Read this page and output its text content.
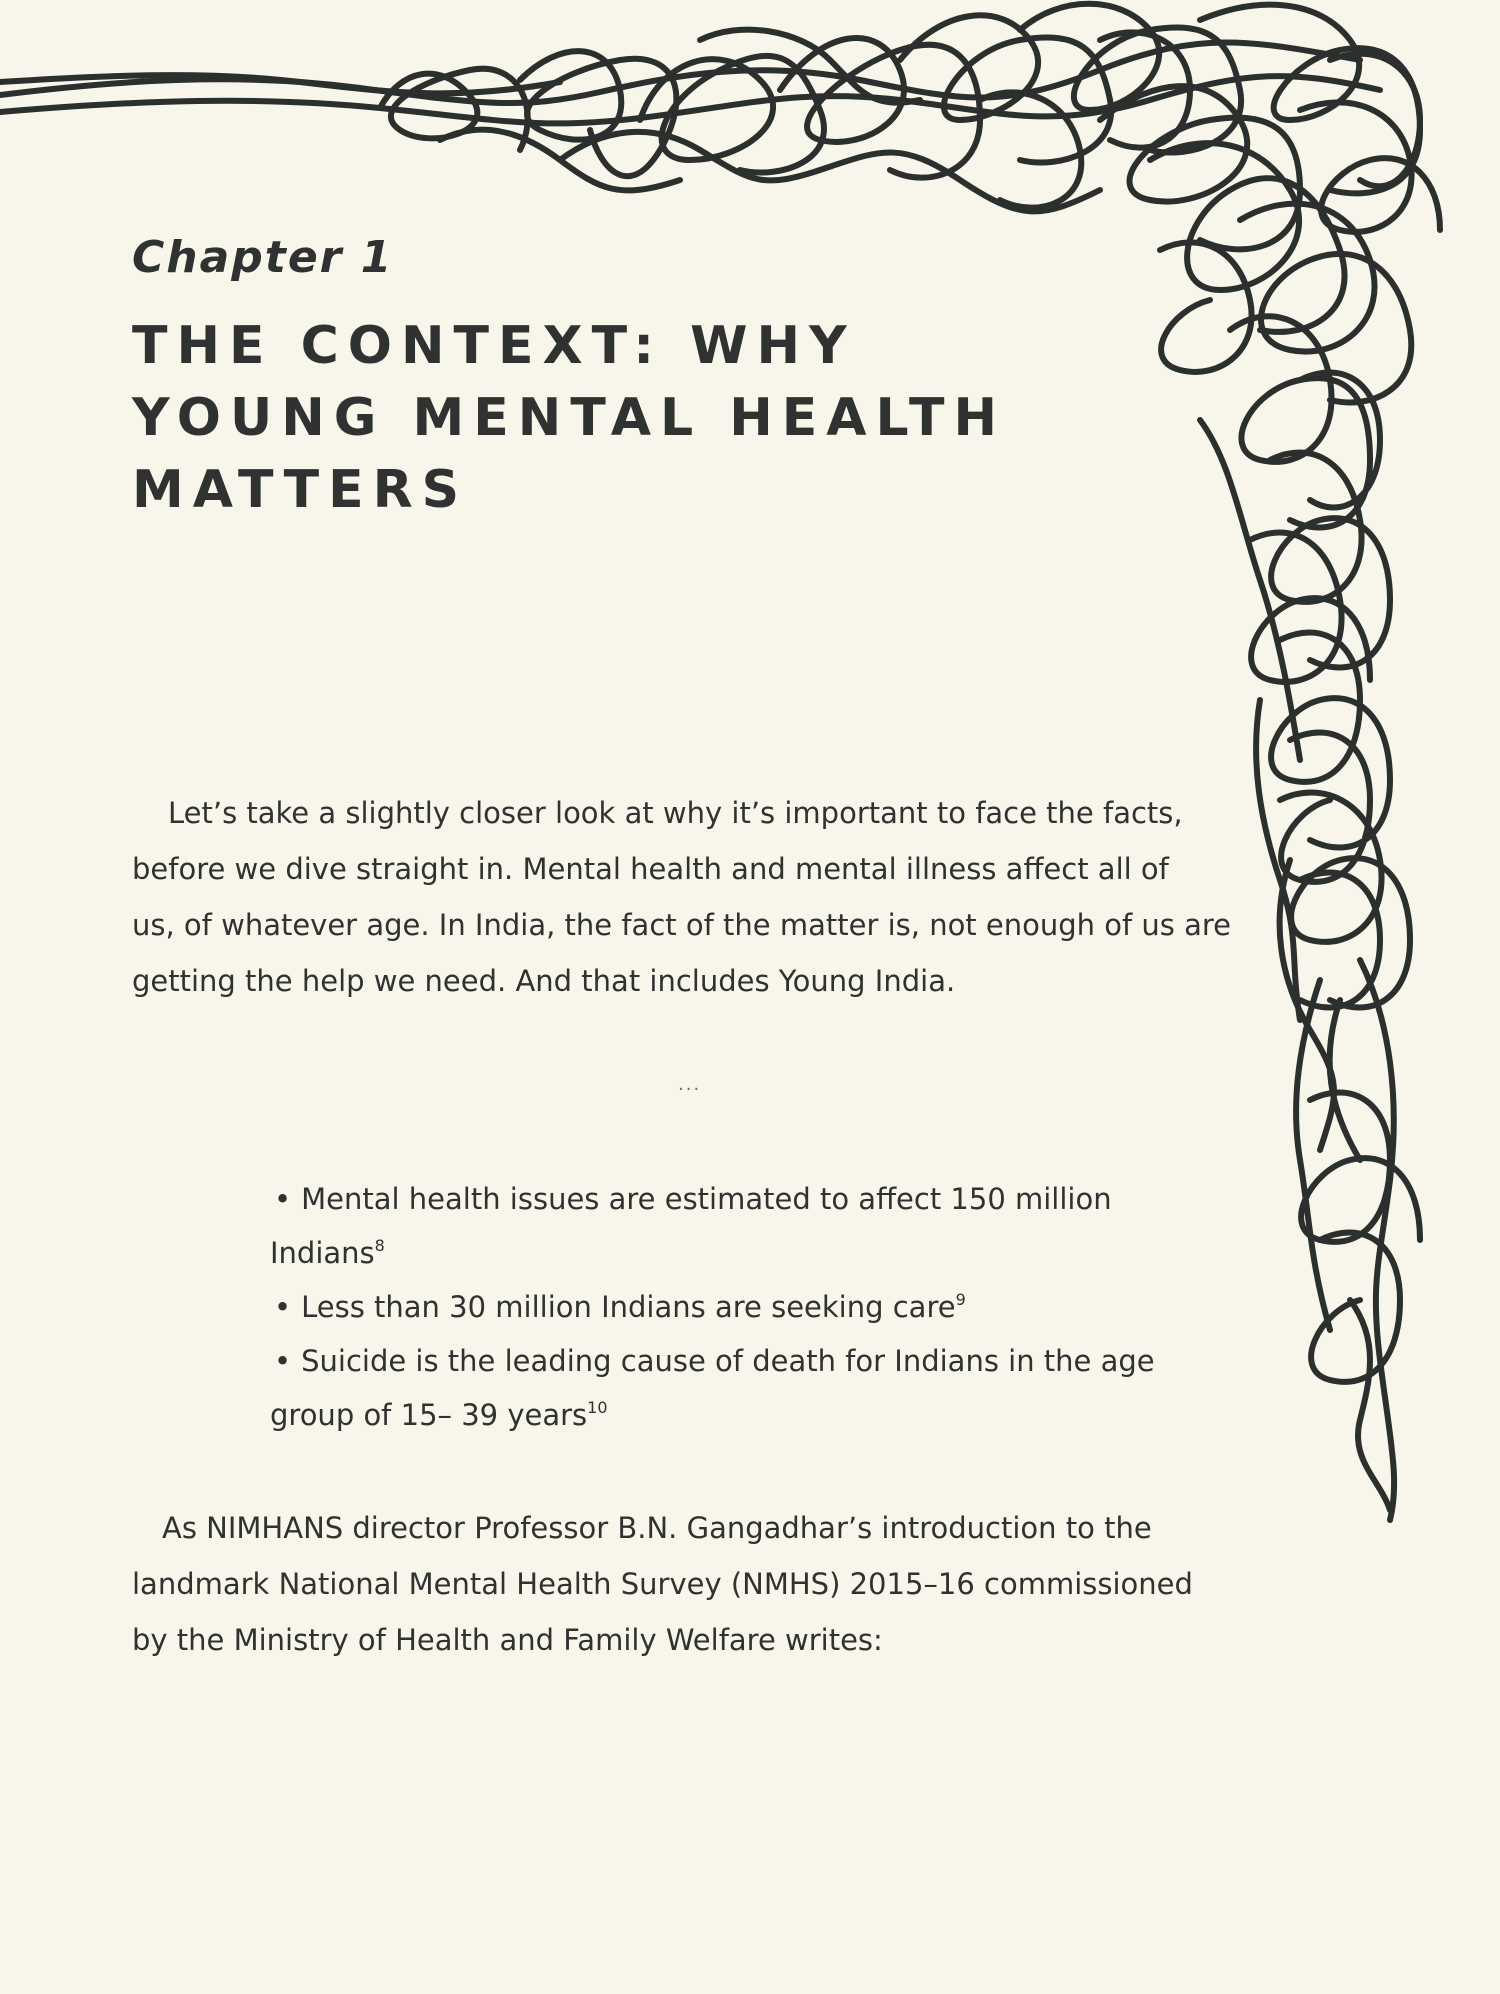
Chapter 1
THE CONTEXT: WHY
YOUNG MENTAL HEALTH
MATTERS

Let’s take a slightly closer look at why it’s important to face the facts,
before we dive straight in. Mental health and mental illness affect all of
us, of whatever age. In India, the fact of the matter is, not enough of us are
getting the help we need. And that includes Young India.

...
• Mental health issues are estimated to affect 150 million
Indians$^8$
• Less than 30 million Indians are seeking care$^9$
• Suicide is the leading cause of death for Indians in the age
group of 15– 39 years$^{10}$

As NIMHANS director Professor B.N. Gangadhar’s introduction to the
landmark National Mental Health Survey (NMHS) 2015–16 commissioned
by the Ministry of Health and Family Welfare writes:
